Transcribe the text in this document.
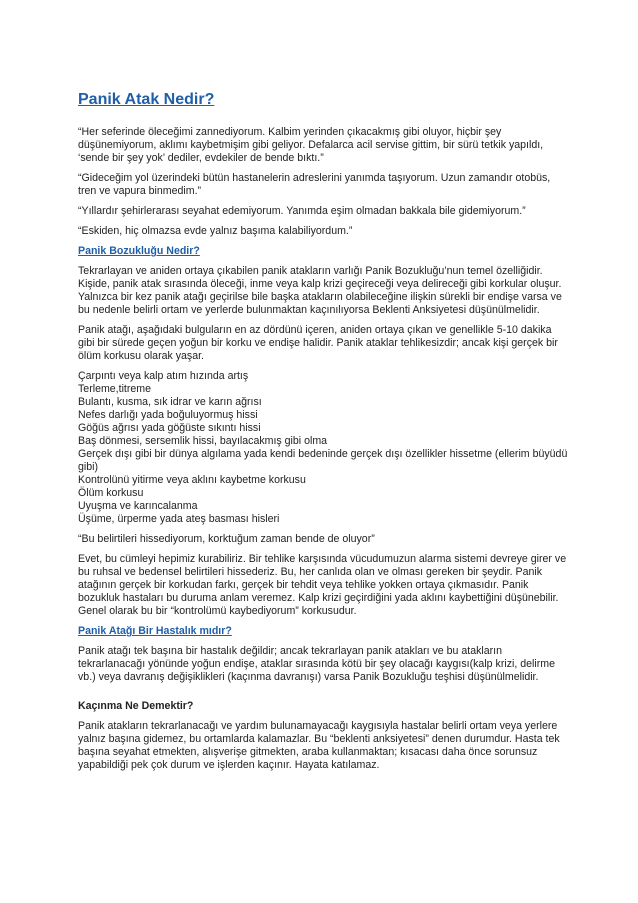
Panik Atak Nedir?

“Her seferinde öleceğimi zannediyorum. Kalbim yerinden çıkacakmış gibi oluyor, hiçbir şey düşünemiyorum, aklımı kaybetmişim gibi geliyor. Defalarca acil servise gittim, bir sürü tetkik yapıldı, ‘sende bir şey yok’ dediler, evdekiler de bende bıktı.”

“Gideceğim yol üzerindeki bütün hastanelerin adreslerini yanımda taşıyorum. Uzun zamandır otobüs, tren ve vapura binmedim.”

“Yıllardır şehirlerarası seyahat edemiyorum. Yanımda eşim olmadan bakkala bile gidemiyorum.”

“Eskiden, hiç olmazsa evde yalnız başıma kalabiliyordum.”

Panik Bozukluğu Nedir?

Tekrarlayan ve aniden ortaya çıkabilen panik atakların varlığı Panik Bozukluğu’nun temel özelliğidir. Kişide, panik atak sırasında öleceği, inme veya kalp krizi geçireceği veya delireceği gibi korkular oluşur. Yalnızca bir kez panik atağı geçirilse bile başka atakların olabileceğine ilişkin sürekli bir endişe varsa ve bu nedenle belirli ortam ve yerlerde bulunmaktan kaçınılıyorsa Beklenti Anksiyetesi düşünülmelidir.

Panik atağı, aşağıdaki bulguların en az dördünü içeren, aniden ortaya çıkan ve genellikle 5-10 dakika gibi bir sürede geçen yoğun bir korku ve endişe halidir. Panik ataklar tehlikesizdir; ancak kişi gerçek bir ölüm korkusu olarak yaşar.

Çarpıntı veya kalp atım hızında artış
Terleme,titreme
Bulantı, kusma, sık idrar ve karın ağrısı
Nefes darlığı yada boğuluyormuş hissi
Göğüs ağrısı yada göğüste sıkıntı hissi
Baş dönmesi, sersemlik hissi, bayılacakmış gibi olma
Gerçek dışı gibi bir dünya algılama yada kendi bedeninde gerçek dışı özellikler hissetme (ellerim büyüdü gibi)
Kontrolünü yitirme veya aklını kaybetme korkusu
Ölüm korkusu
Uyuşma ve karıncalanma
Üşüme, ürperme yada ateş basması hisleri

“Bu belirtileri hissediyorum, korktuğum zaman bende de oluyor”

Evet, bu cümleyi hepimiz kurabiliriz. Bir tehlike karşısında vücudumuzun alarma sistemi devreye girer ve bu ruhsal ve bedensel belirtileri hissederiz. Bu, her canlıda olan ve olması gereken bir şeydir. Panik atağının gerçek bir korkudan farkı, gerçek bir tehdit veya tehlike yokken ortaya çıkmasıdır. Panik bozukluk hastaları bu duruma anlam veremez. Kalp krizi geçirdiğini yada aklını kaybettiğini düşünebilir. Genel olarak bu bir “kontrolümü kaybediyorum” korkusudur.

Panik Atağı Bir Hastalık mıdır?

Panik atağı tek başına bir hastalık değildir; ancak tekrarlayan panik atakları ve bu atakların tekrarlanacağı yönünde yoğun endişe, ataklar sırasında kötü bir şey olacağı kaygısı(kalp krizi, delirme vb.) veya davranış değişiklikleri (kaçınma davranışı) varsa Panik Bozukluğu teşhisi düşünülmelidir.

Kaçınma Ne Demektir?

Panik atakların tekrarlanacağı ve yardım bulunamayacağı kaygısıyla hastalar belirli ortam veya yerlere yalnız başına gidemez, bu ortamlarda kalamazlar. Bu “beklenti anksiyetesi” denen durumdur. Hasta tek başına seyahat etmekten, alışverişe gitmekten, araba kullanmaktan; kısacası daha önce sorunsuz yapabildiği pek çok durum ve işlerden kaçınır. Hayata katılamaz.
